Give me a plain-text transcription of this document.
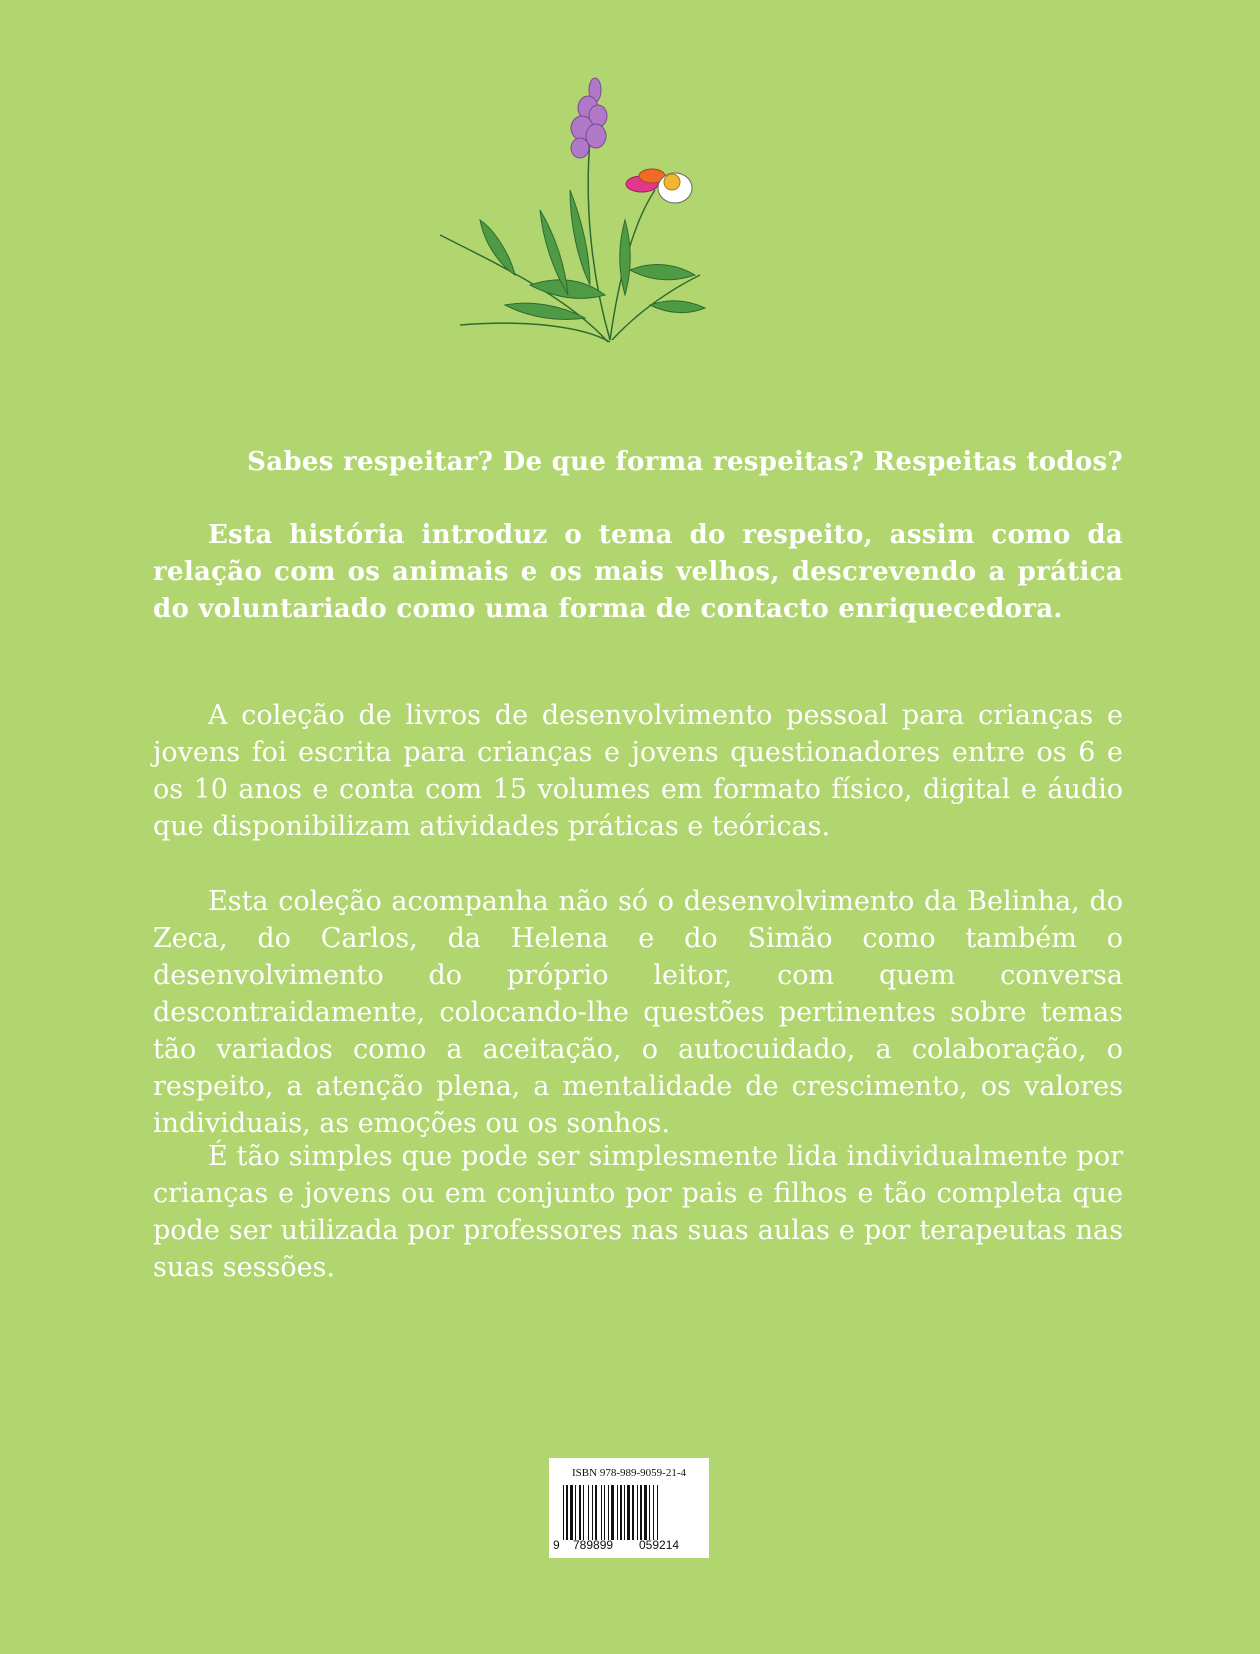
Sabes respeitar? De que forma respeitas? Respeitas todos?

Esta história introduz o tema do respeito, assim como da relação com os animais e os mais velhos, descrevendo a prática do voluntariado como uma forma de contacto enriquecedora.

A coleção de livros de desenvolvimento pessoal para crianças e jovens foi escrita para crianças e jovens questionadores entre os 6 e os 10 anos e conta com 15 volumes em formato físico, digital e áudio que disponibilizam atividades práticas e teóricas.

Esta coleção acompanha não só o desenvolvimento da Belinha, do Zeca, do Carlos, da Helena e do Simão como também o desenvolvimento do próprio leitor, com quem conversa descontraidamente, colocando-lhe questões pertinentes sobre temas tão variados como a aceitação, o autocuidado, a colaboração, o respeito, a atenção plena, a mentalidade de crescimento, os valores individuais, as emoções ou os sonhos.

É tão simples que pode ser simplesmente lida individualmente por crianças e jovens ou em conjunto por pais e filhos e tão completa que pode ser utilizada por professores nas suas aulas e por terapeutas nas suas sessões.

ISBN 978-989-9059-21-4
9 789899 059214
